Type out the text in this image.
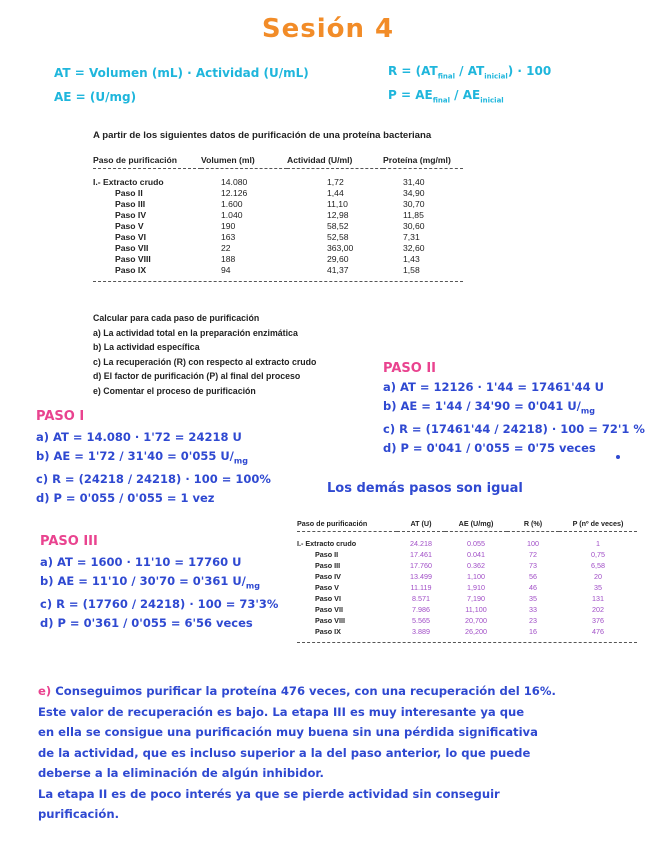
Sesión 4
AT = Volumen (mL) · Actividad (U/mL)
AE = (U/mg)
$R = (AT_{final} / AT_{inicial}) \cdot 100$
$P = AE_{final} / AE_{inicial}$
A partir de los siguientes datos de purificación de una proteína bacteriana
Paso de purificación	Volumen (ml)	Actividad (U/ml)	Proteína (mg/ml)

I.- Extracto crudo	14.080	1,72	31,40
Paso II	12.126	1,44	34,90
Paso III	1.600	11,10	30,70
Paso IV	1.040	12,98	11,85
Paso V	190	58,52	30,60
Paso VI	163	52,58	7,31
Paso VII	22	363,00	32,60
Paso VIII	188	29,60	1,43
Paso IX	94	41,37	1,58
Calcular para cada paso de purificación
a) La actividad total en la preparación enzimática
b) La actividad específica
c) La recuperación (R) con respecto al extracto crudo
d) El factor de purificación (P) al final del proceso
e) Comentar el proceso de purificación
PASO II
a) AT = 12126 · 1'44 = 17461'44 U
b) AE = 1'44 / 34'90 = 0'041 $U/_{mg}$
c) R = (17461'44 / 24218) · 100 = 72'1 %
d) P = 0'041 / 0'055 = 0'75 veces
PASO I
a) AT = 14.080 · 1'72 = 24218 U
b) AE = 1'72 / 31'40 = 0'055 $U/_{mg}$
c) R = (24218 / 24218) · 100 = 100%
d) P = 0'055 / 0'055 = 1 vez
Los demás pasos son igual
Paso de purificación	AT (U)	AE (U/mg)	R (%)	P (nº de veces)

I.- Extracto crudo	24.218	0.055	100	1
Paso II	17.461	0.041	72	0,75
Paso III	17.760	0.362	73	6,58
Paso IV	13.499	1,100	56	20
Paso V	11.119	1,910	46	35
Paso VI	8.571	7,190	35	131
Paso VII	7.986	11,100	33	202
Paso VIII	5.565	20,700	23	376
Paso IX	3.889	26,200	16	476
PASO III
a) AT = 1600 · 11'10 = 17760 U
b) AE = 11'10 / 30'70 = 0'361 $U/_{mg}$
c) R = (17760 / 24218) · 100 = 73'3%
d) P = 0'361 / 0'055 = 6'56 veces
e) Conseguimos purificar la proteína 476 veces, con una recuperación del 16%.
Este valor de recuperación es bajo. La etapa III es muy interesante ya que
en ella se consigue una purificación muy buena sin una pérdida significativa
de la actividad, que es incluso superior a la del paso anterior, lo que puede
deberse a la eliminación de algún inhibidor.
La etapa II es de poco interés ya que se pierde actividad sin conseguir
purificación.
